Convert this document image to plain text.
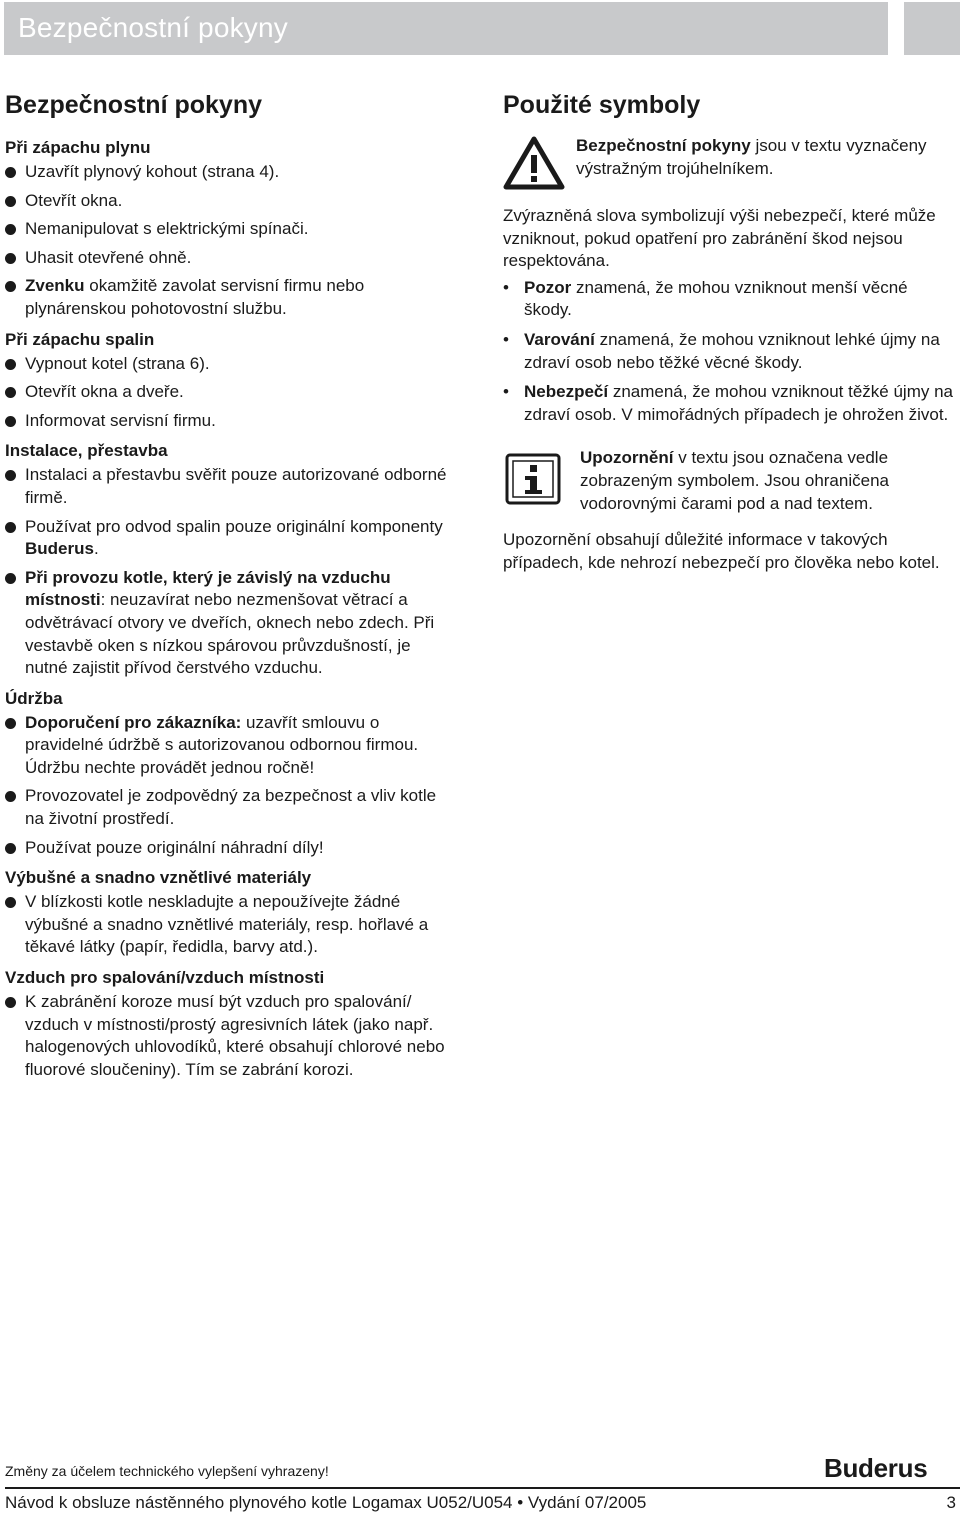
Bezpečnostní pokyny
Bezpečnostní pokyny
Při zápachu plynu
Uzavřít plynový kohout (strana 4).
Otevřít okna.
Nemanipulovat s elektrickými spínači.
Uhasit otevřené ohně.
Zvenku okamžitě zavolat servisní firmu nebo plynárenskou pohotovostní službu.
Při zápachu spalin
Vypnout kotel (strana 6).
Otevřít okna a dveře.
Informovat servisní firmu.
Instalace, přestavba
Instalaci a přestavbu svěřit pouze autorizované odborné firmě.
Používat pro odvod spalin pouze originální komponenty Buderus.
Při provozu kotle, který je závislý na vzduchu místnosti: neuzavírat nebo nezmenšovat větrací a odvětrávací otvory ve dveřích, oknech nebo zdech. Při vestavbě oken s nízkou spárovou průvzdušností, je nutné zajistit přívod čerstvého vzduchu.
Údržba
Doporučení pro zákazníka: uzavřít smlouvu o pravidelné údržbě s autorizovanou odbornou firmou. Údržbu nechte provádět jednou ročně!
Provozovatel je zodpovědný za bezpečnost a vliv kotle na životní prostředí.
Používat pouze originální náhradní díly!
Výbušné a snadno vznětlivé materiály
V blízkosti kotle neskladujte a nepoužívejte žádné výbušné a snadno vznětlivé materiály, resp. hořlavé a těkavé látky (papír, ředidla, barvy atd.).
Vzduch pro spalování/vzduch místnosti
K zabránění koroze musí být vzduch pro spalování/ vzduch v místnosti/prostý agresivních látek (jako např. halogenových uhlovodíků, které obsahují chlorové nebo fluorové sloučeniny). Tím se zabrání korozi.
Použité symboly
Bezpečnostní pokyny jsou v textu vyznačeny výstražným trojúhelníkem.

Zvýrazněná slova symbolizují výši nebezpečí, které může vzniknout, pokud opatření pro zabránění škod nejsou respektována.

• Pozor znamená, že mohou vzniknout menší věcné škody.
• Varování znamená, že mohou vzniknout lehké újmy na zdraví osob nebo těžké věcné škody.
• Nebezpečí znamená, že mohou vzniknout těžké újmy na zdraví osob. V mimořádných případech je ohrožen život.
Upozornění v textu jsou označena vedle zobrazeným symbolem. Jsou ohraničena vodorovnými čarami pod a nad textem.

Upozornění obsahují důležité informace v takových případech, kde nehrozí nebezpečí pro člověka nebo kotel.

Změny za účelem technického vylepšení vyhrazeny!	Buderus
Návod k obsluze nástěnného plynového kotle Logamax U052/U054 • Vydání 07/2005	3
